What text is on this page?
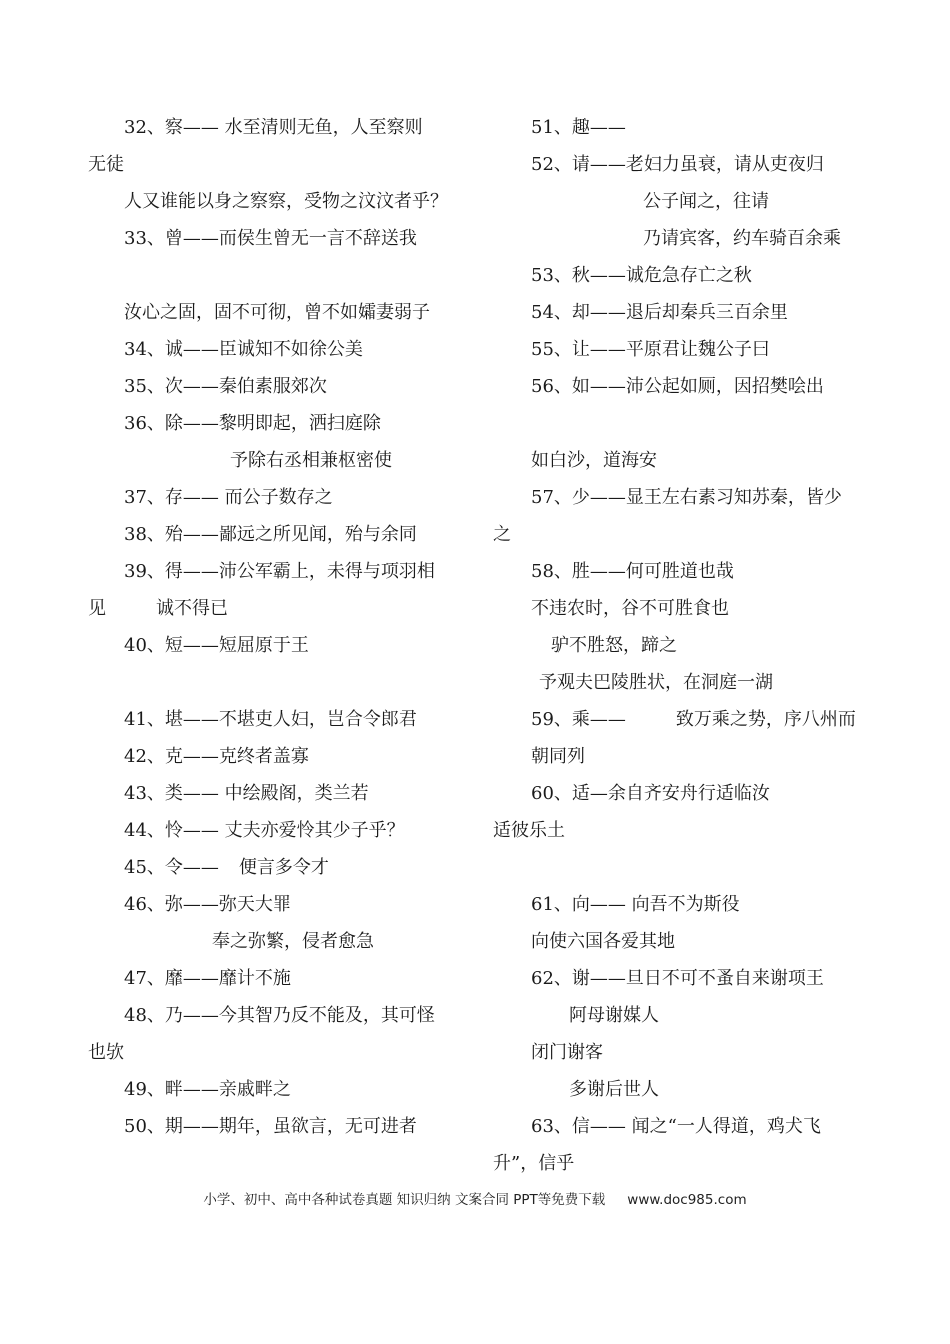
32、察—— 水至清则无鱼，人至察则
无徒
人又谁能以身之察察，受物之汶汶者乎？
33、曾——而侯生曾无一言不辞送我
汝心之固，固不可彻，曾不如孀妻弱子
34、诚——臣诚知不如徐公美
35、次——秦伯素服郊次
36、除——黎明即起，洒扫庭除
予除右丞相兼枢密使
37、存—— 而公子数存之
38、殆——鄙远之所见闻，殆与余同
39、得——沛公军霸上，未得与项羽相
见	诚不得已
40、短——短屈原于王
41、堪——不堪吏人妇，岂合令郎君
42、克——克终者盖寡
43、类—— 中绘殿阁，类兰若
44、怜—— 丈夫亦爱怜其少子乎？
45、令—— 便言多令才
46、弥——弥天大罪
奉之弥繁，侵者愈急
47、靡——靡计不施
48、乃——今其智乃反不能及，其可怪
也欤
49、畔——亲戚畔之
50、期——期年，虽欲言，无可进者
51、趣——
52、请——老妇力虽衰，请从吏夜归
公子闻之，往请
乃请宾客，约车骑百余乘
53、秋——诚危急存亡之秋
54、却——退后却秦兵三百余里
55、让——平原君让魏公子曰
56、如——沛公起如厕，因招樊哙出
如白沙，道海安
57、少——显王左右素习知苏秦，皆少
之
58、胜——何可胜道也哉
不违农时，谷不可胜食也
驴不胜怒，蹄之
予观夫巴陵胜状，在洞庭一湖
59、乘——	致万乘之势，序八州而
朝同列
60、适—余自齐安舟行适临汝
适彼乐土
61、向—— 向吾不为斯役
向使六国各爱其地
62、谢——旦日不可不蚤自来谢项王
阿母谢媒人
闭门谢客
多谢后世人
63、信—— 闻之“一人得道，鸡犬飞
升”，信乎
小学、初中、高中各种试卷真题 知识归纳 文案合同 PPT等免费下载 www.doc985.com
